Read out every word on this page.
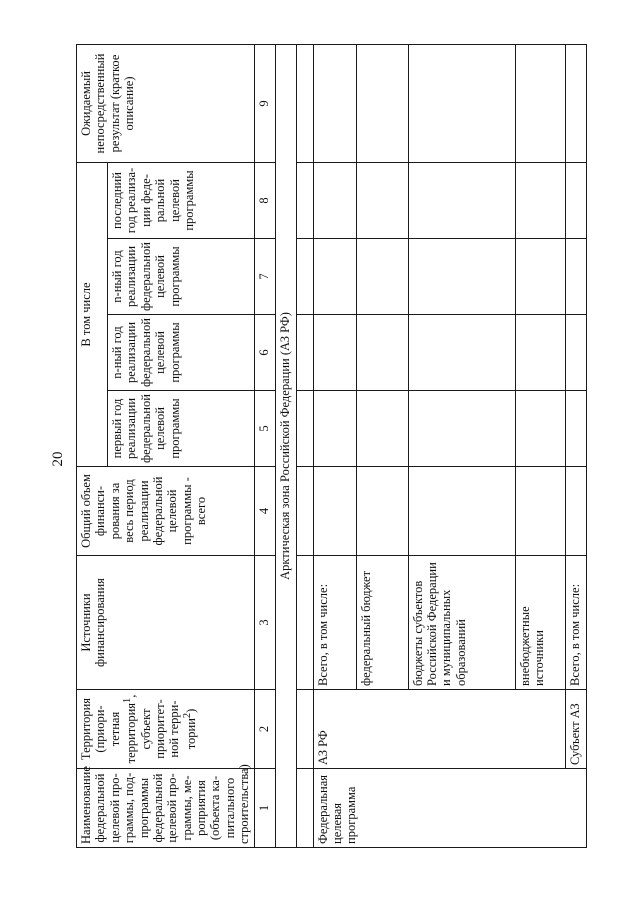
20
Наименование федеральной целевой программы, подпрограммы федеральной целевой программы, мероприятия (объекта капитального строительства)	Территория (приоритетная территория$^1$, субъект приоритетной территории$^2$)	Источники финансирования	Общий объем финансирования за весь период реализации федеральной целевой программы - всего	В том числе				Ожидаемый непосредственный результат (краткое описание)
				первый год реализации федеральной целевой программы	n-ный год реализации федеральной целевой программы	n-ный год реализации федеральной целевой программы	последний год реализации федеральной целевой программы	
1	2	3	4	5	6	7	8	9
Арктическая зона Российской Федерации (АЗ РФ)								

Федеральная целевая программа	АЗ РФ	Всего, в том числе:						
		федеральный бюджет						
		бюджеты субъектов Российской Федерации и муниципальных образований						
		внебюджетные источники						
	Субъект АЗ	Всего, в том числе:						
